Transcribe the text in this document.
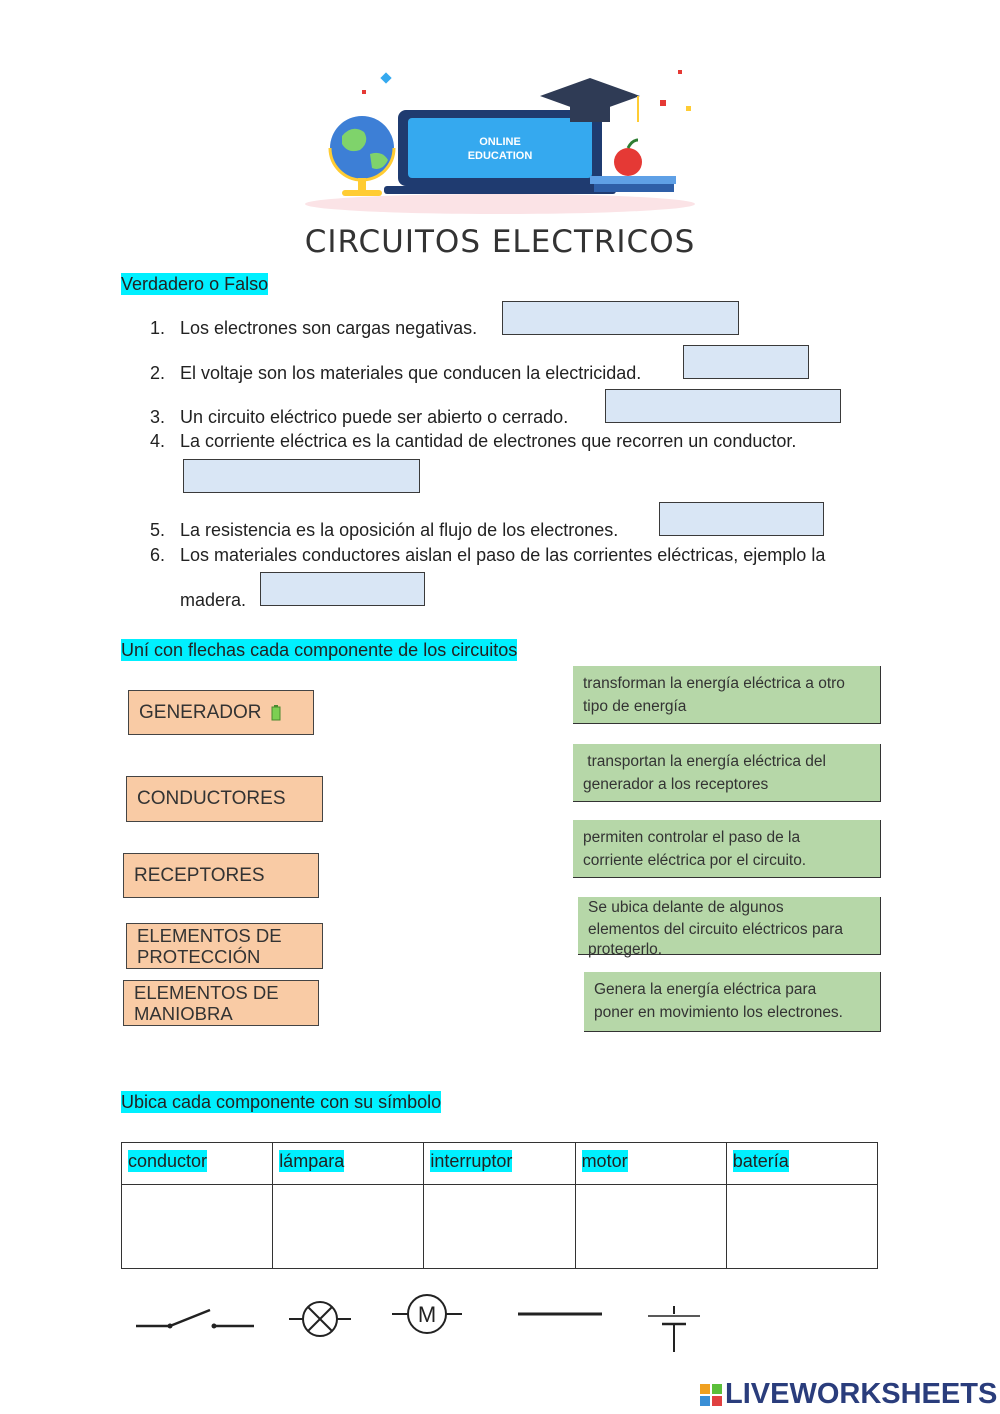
ONLINE
EDUCATION
CIRCUITOS ELECTRICOS
Verdadero o Falso
1. Los electrones son cargas negativas.
2. El voltaje son los materiales que conducen la electricidad.
3. Un circuito eléctrico puede ser abierto o cerrado.
4. La corriente eléctrica es la cantidad de electrones que recorren un conductor.
5. La resistencia es la oposición al flujo de los electrones.
6. Los materiales conductores aislan el paso de las corrientes eléctricas, ejemplo la
madera.
Uní con flechas cada componente de los circuitos
GENERADOR
CONDUCTORES
RECEPTORES
ELEMENTOS DE
PROTECCIÓN
ELEMENTOS DE
MANIOBRA
transforman la energía eléctrica a otro
tipo de energía
transportan la energía eléctrica del
generador a los receptores
permiten controlar el paso de la
corriente eléctrica por el circuito.
Se ubica delante de algunos
elementos del circuito eléctricos para
protegerlo.
Genera la energía eléctrica para
poner en movimiento los electrones.
Ubica cada componente con su símbolo
conductor	lámpara	interruptor	motor	batería

M
LIVEWORKSHEETS
